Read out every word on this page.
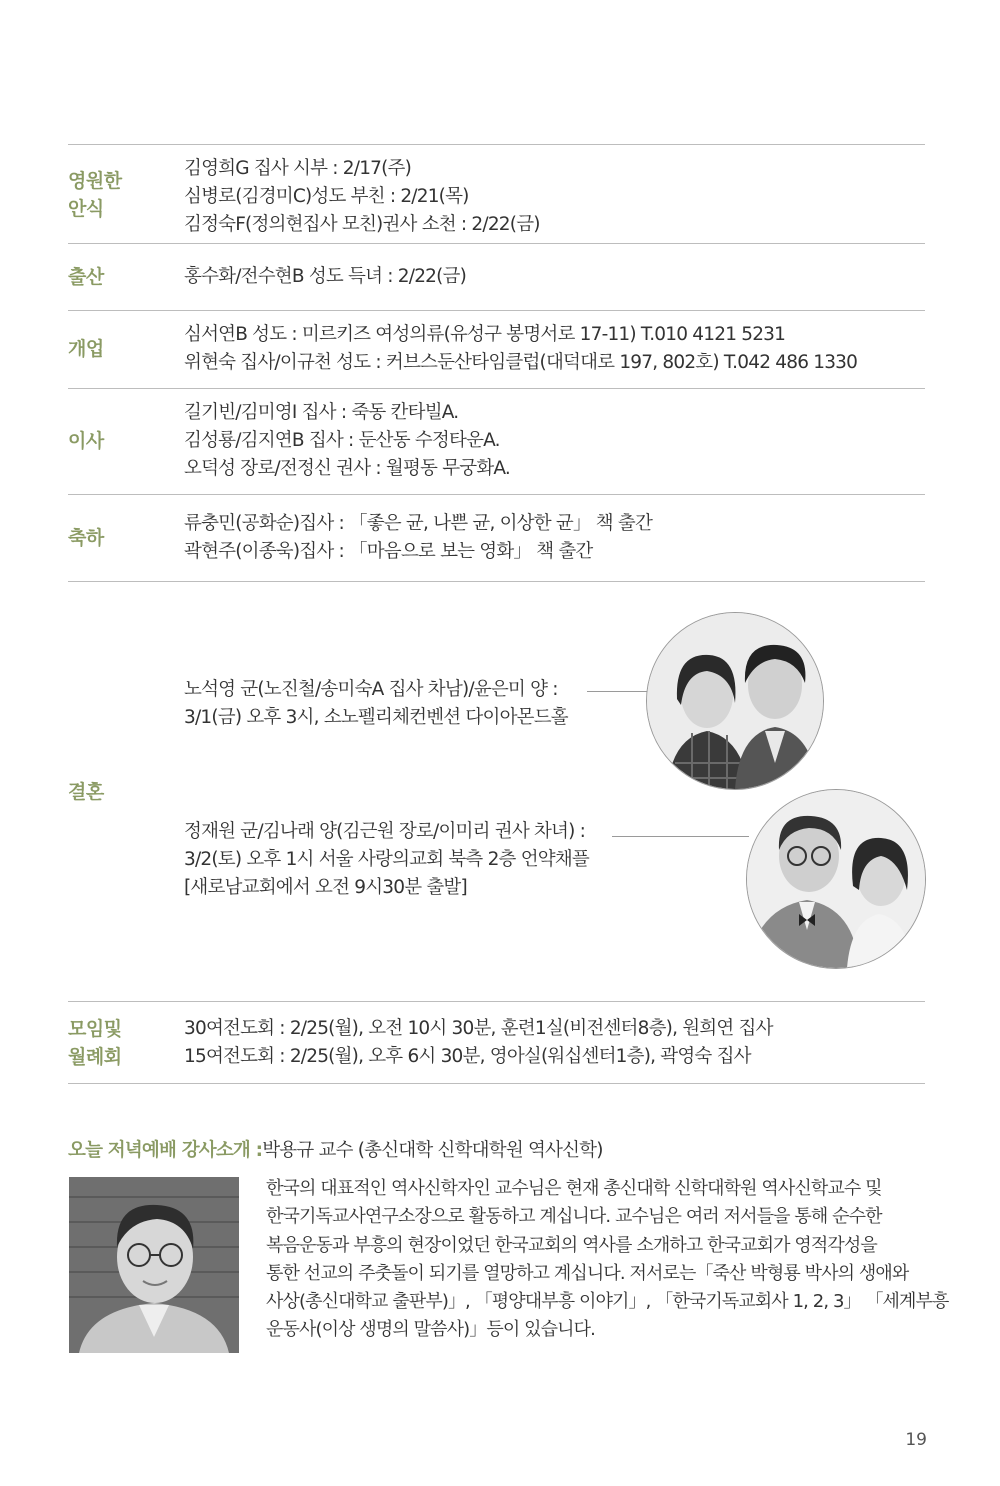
영원한
안식
김영희G 집사 시부 : 2/17(주)
심병로(김경미C)성도 부친 : 2/21(목)
김정숙F(정의현집사 모친)권사 소천 : 2/22(금)
출산	홍수화/전수현B 성도 득녀 : 2/22(금)
개업
심서연B 성도 : 미르키즈 여성의류(유성구 봉명서로 17-11) T.010 4121 5231
위현숙 집사/이규천 성도 : 커브스둔산타임클럽(대덕대로 197, 802호) T.042 486 1330
이사
길기빈/김미영I 집사 : 죽동 칸타빌A.
김성룡/김지연B 집사 : 둔산동 수정타운A.
오덕성 장로/전정신 권사 : 월평동 무궁화A.
축하
류충민(공화순)집사 : 「좋은 균, 나쁜 균, 이상한 균」 책 출간
곽현주(이종욱)집사 : 「마음으로 보는 영화」 책 출간
결혼
노석영 군(노진철/송미숙A 집사 차남)/윤은미 양 :
3/1(금) 오후 3시, 소노펠리체컨벤션 다이아몬드홀
정재원 군/김나래 양(김근원 장로/이미리 권사 차녀) :
3/2(토) 오후 1시 서울 사랑의교회 북측 2층 언약채플
[새로남교회에서 오전 9시30분 출발]
모임및
월례회
30여전도회 : 2/25(월), 오전 10시 30분, 훈련1실(비전센터8층), 원희연 집사
15여전도회 : 2/25(월), 오후 6시 30분, 영아실(워십센터1층), 곽영숙 집사
오늘 저녁예배 강사소개 :박용규 교수 (총신대학 신학대학원 역사신학)
한국의 대표적인 역사신학자인 교수님은 현재 총신대학 신학대학원 역사신학교수 및
한국기독교사연구소장으로 활동하고 계십니다. 교수님은 여러 저서들을 통해 순수한
복음운동과 부흥의 현장이었던 한국교회의 역사를 소개하고 한국교회가 영적각성을
통한 선교의 주춧돌이 되기를 열망하고 계십니다. 저서로는「죽산 박형룡 박사의 생애와
사상(총신대학교 출판부)」, 「평양대부흥 이야기」, 「한국기독교회사 1, 2, 3」 「세계부흥
운동사(이상 생명의 말씀사)」등이 있습니다.
19
